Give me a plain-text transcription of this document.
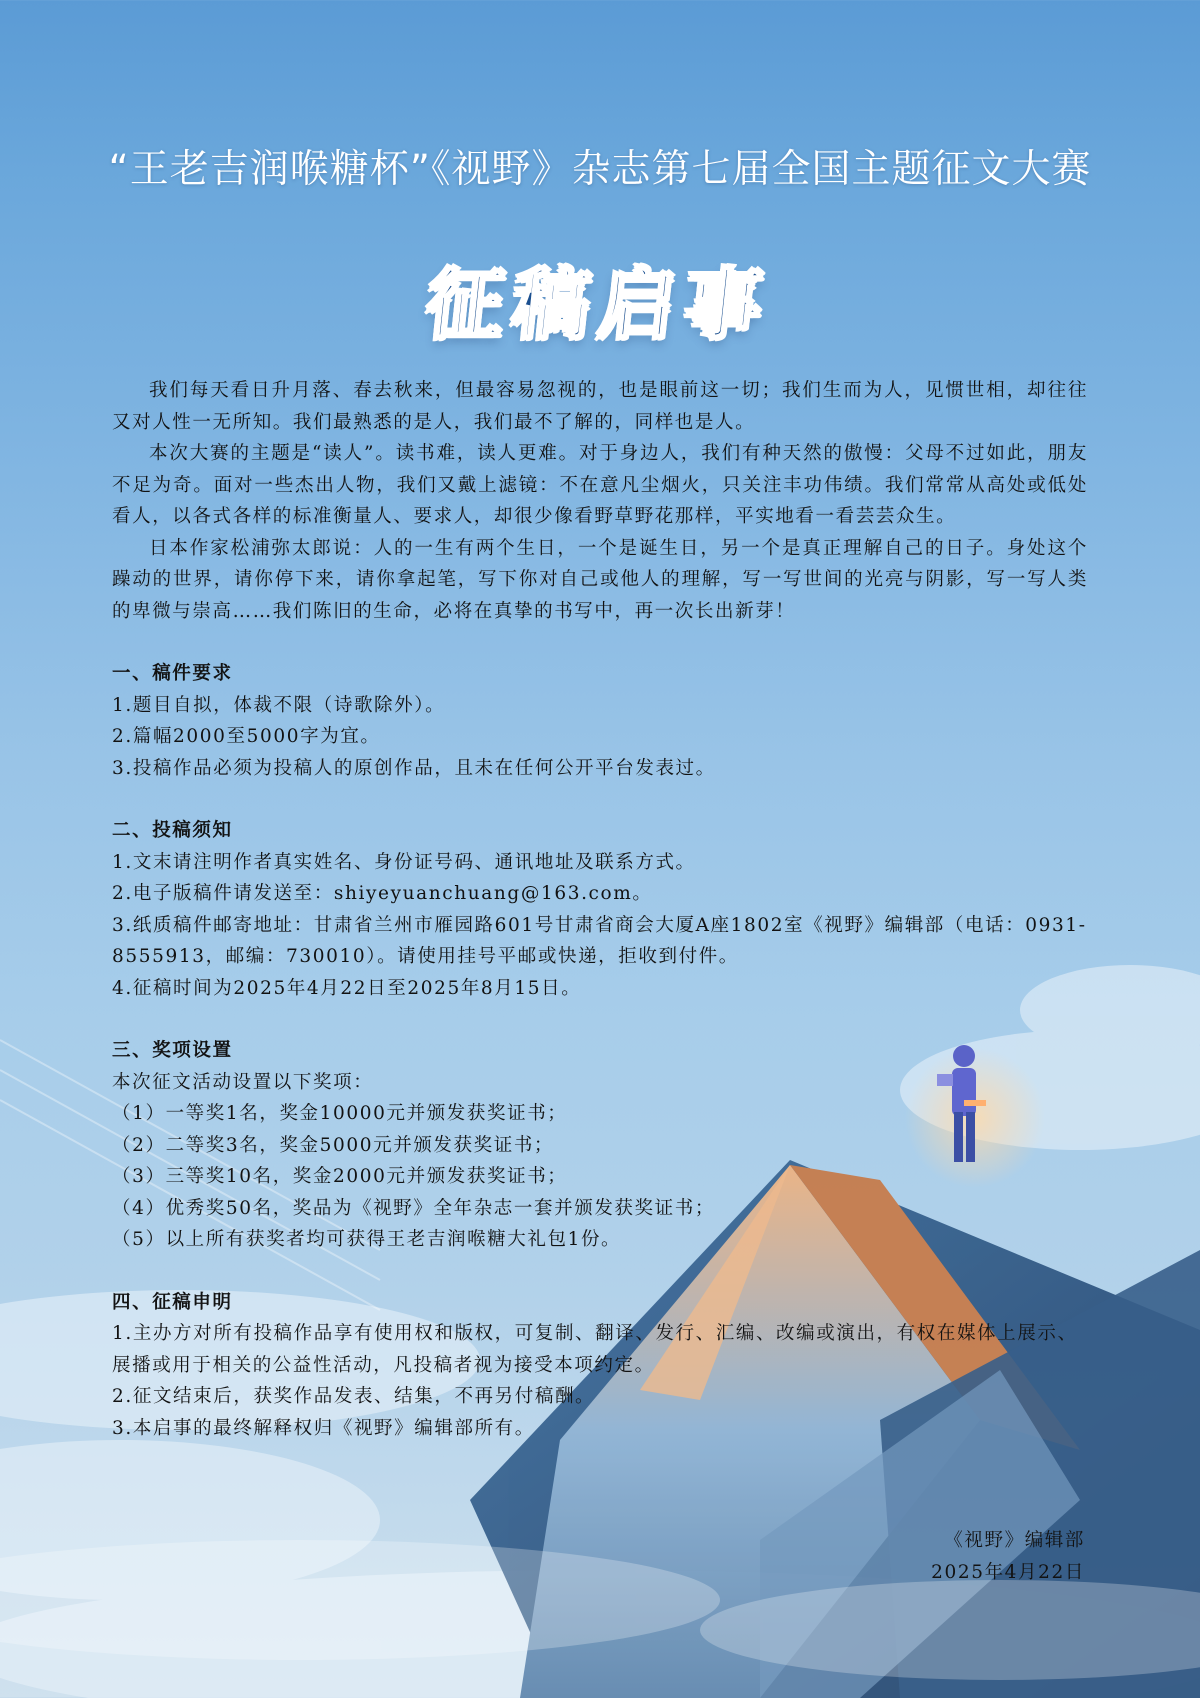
“王老吉润喉糖杯”《视野》杂志第七届全国主题征文大赛
征稿启事

我们每天看日升月落、春去秋来，但最容易忽视的，也是眼前这一切；我们生而为人，见惯世相，却往往又对人性一无所知。我们最熟悉的是人，我们最不了解的，同样也是人。

本次大赛的主题是“读人”。读书难，读人更难。对于身边人，我们有种天然的傲慢：父母不过如此，朋友不足为奇。面对一些杰出人物，我们又戴上滤镜：不在意凡尘烟火，只关注丰功伟绩。我们常常从高处或低处看人，以各式各样的标准衡量人、要求人，却很少像看野草野花那样，平实地看一看芸芸众生。

日本作家松浦弥太郎说：人的一生有两个生日，一个是诞生日，另一个是真正理解自己的日子。身处这个躁动的世界，请你停下来，请你拿起笔，写下你对自己或他人的理解，写一写世间的光亮与阴影，写一写人类的卑微与崇高……我们陈旧的生命，必将在真挚的书写中，再一次长出新芽！

一、稿件要求
1.题目自拟，体裁不限（诗歌除外）。
2.篇幅2000至5000字为宜。
3.投稿作品必须为投稿人的原创作品，且未在任何公开平台发表过。
二、投稿须知
1.文末请注明作者真实姓名、身份证号码、通讯地址及联系方式。
2.电子版稿件请发送至：shiyeyuanchuang@163.com。
3.纸质稿件邮寄地址：甘肃省兰州市雁园路601号甘肃省商会大厦A座1802室《视野》编辑部（电话：0931-8555913，邮编：730010）。请使用挂号平邮或快递，拒收到付件。
4.征稿时间为2025年4月22日至2025年8月15日。
三、奖项设置
本次征文活动设置以下奖项：
（1）一等奖1名，奖金10000元并颁发获奖证书；
（2）二等奖3名，奖金5000元并颁发获奖证书；
（3）三等奖10名，奖金2000元并颁发获奖证书；
（4）优秀奖50名，奖品为《视野》全年杂志一套并颁发获奖证书；
（5）以上所有获奖者均可获得王老吉润喉糖大礼包1份。
四、征稿申明
1.主办方对所有投稿作品享有使用权和版权，可复制、翻译、发行、汇编、改编或演出，有权在媒体上展示、展播或用于相关的公益性活动，凡投稿者视为接受本项约定。
2.征文结束后，获奖作品发表、结集，不再另付稿酬。
3.本启事的最终解释权归《视野》编辑部所有。
《视野》编辑部
2025年4月22日
